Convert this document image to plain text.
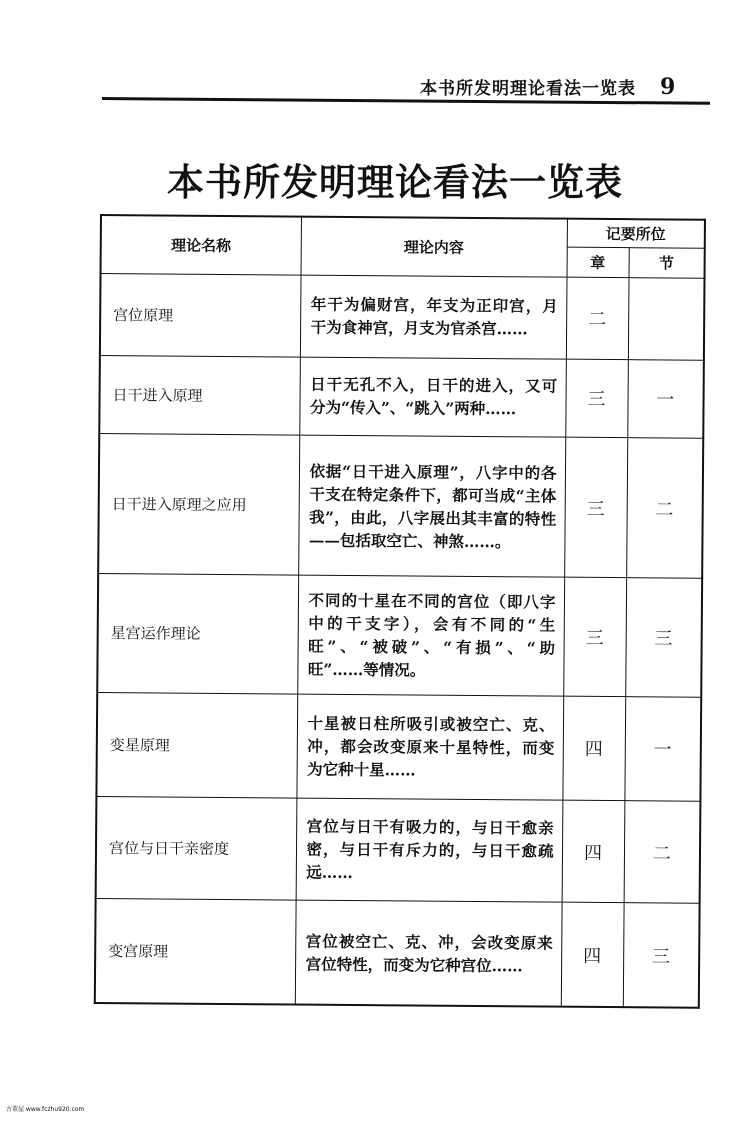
本书所发明理论看法一览表 9
本书所发明理论看法一览表
理论名称	理论内容	记要所位	
		章	节
宫位原理	年干为偏财宫，年支为正印宫，月干为食神宫，月支为官杀宫……	二	
日干进入原理	日干无孔不入，日干的进入，又可分为“传入”、“跳入”两种……	三	一
日干进入原理之应用	依据“日干进入原理”，八字中的各干支在特定条件下，都可当成“主体我”，由此，八字展出其丰富的特性——包括取空亡、神煞……。	三	二
星宫运作理论	不同的十星在不同的宫位（即八字中的干支字），会有不同的“生旺”、“被破”、“有损”、“助旺”……等情况。	三	三
变星原理	十星被日柱所吸引或被空亡、克、冲，都会改变原来十星特性，而变为它种十星……	四	一
宫位与日干亲密度	宫位与日干有吸力的，与日干愈亲密，与日干有斥力的，与日干愈疏远……	四	二
变宫原理	宫位被空亡、克、冲，会改变原来宫位特性，而变为它种宫位……	四	三
古董屋 www.fczhu920.com
